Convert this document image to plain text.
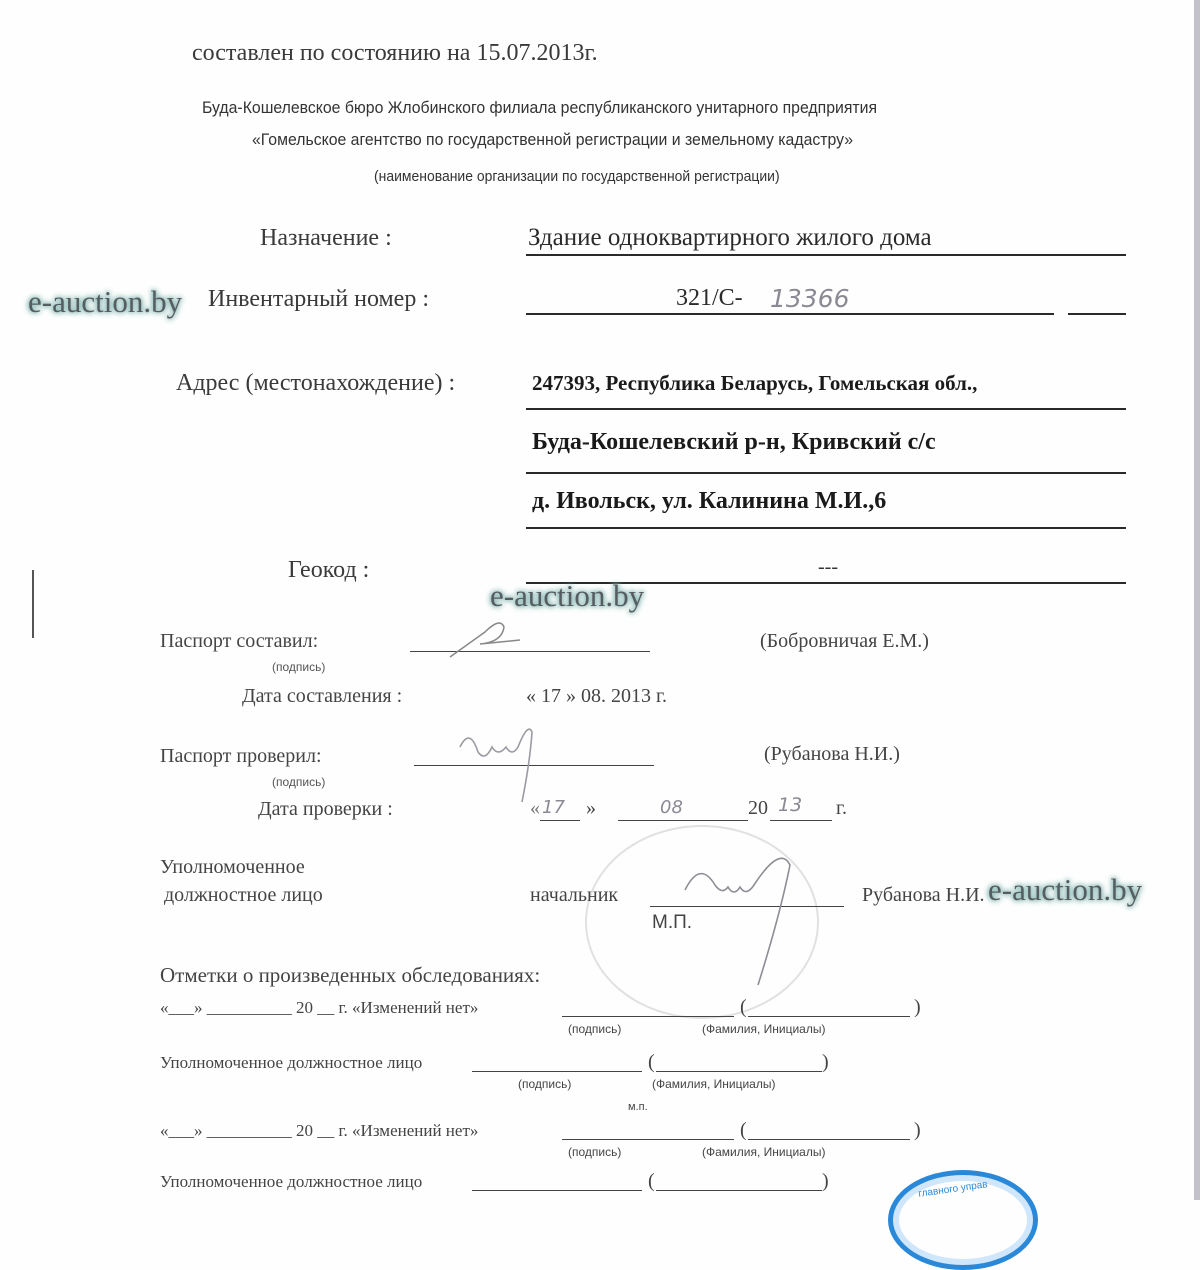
составлен по состоянию на 15.07.2013г.
Буда-Кошелевское бюро Жлобинского филиала республиканского унитарного предприятия
«Гомельское агентство по государственной регистрации и земельному кадастру»
(наименование организации по государственной регистрации)
Назначение :	Здание одноквартирного жилого дома
e-auction.by Инвентарный номер :	321/С- 13366
Адрес (местонахождение) :	247393, Республика Беларусь, Гомельская обл.,
Буда-Кошелевский р-н, Кривский с/с
д. Ивольск, ул. Калинина М.И.,6
Геокод :	---
e-auction.by
Паспорт составил:
(подпись)
(Бобровничая Е.М.)
Дата составления :	« 17 » 08. 2013 г.
Паспорт проверил:
(подпись)
(Рубанова Н.И.)
Дата проверки :	« 17 »	08	20 13 г.
Уполномоченное
должностное лицо	начальник	Рубанова Н.И. e-auction.by
М.П.
Отметки о произведенных обследованиях:
«___» __________ 20 __ г. «Изменений нет»	(	)
(подпись)	(Фамилия, Инициалы)
Уполномоченное должностное лицо	(	)
(подпись)	(Фамилия, Инициалы)
м.п.
«___» __________ 20 __ г. «Изменений нет»	(	)
(подпись)	(Фамилия, Инициалы)
Уполномоченное должностное лицо	(	)	главного управ
